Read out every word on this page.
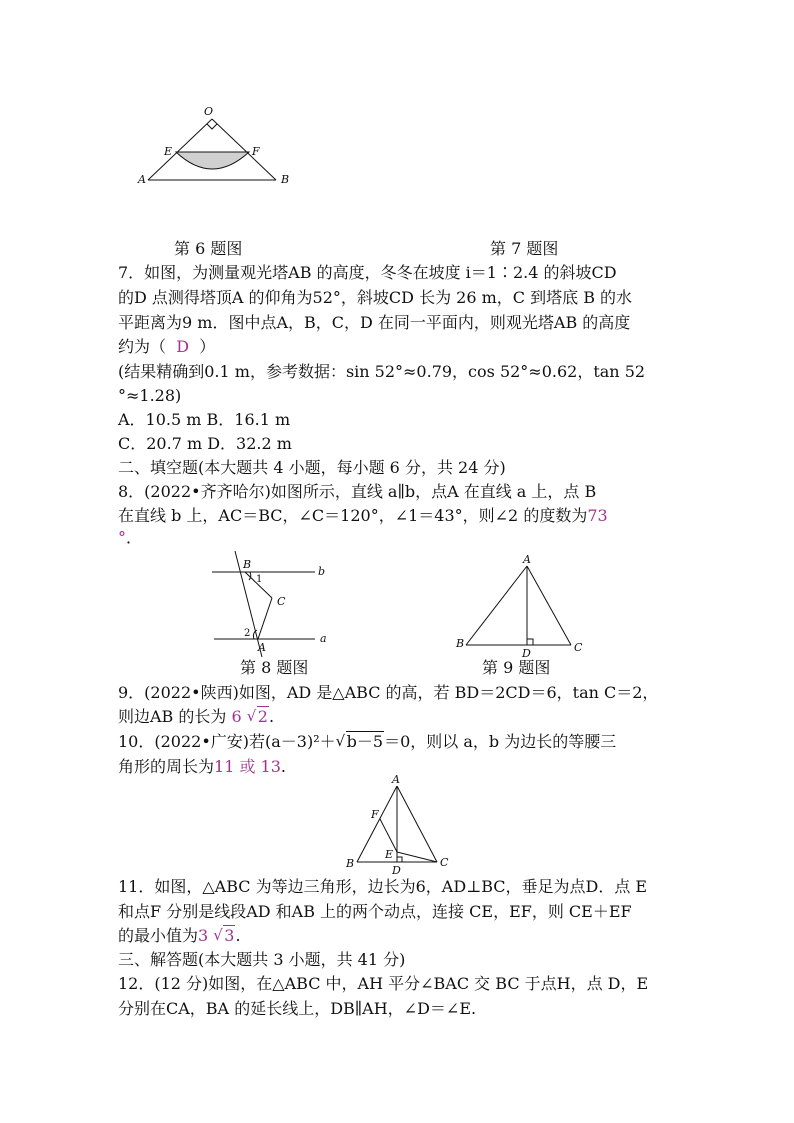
O
E	F
A	B
第 6 题图	第 7 题图
7．如图，为测量观光塔AB 的高度，冬冬在坡度 i＝1∶2.4 的斜坡CD
的D 点测得塔顶A 的仰角为52°，斜坡CD 长为 26 m，C 到塔底 B 的水
平距离为9 m．图中点A，B，C，D 在同一平面内，则观光塔AB 的高度
约为（ D ）
(结果精确到0.1 m，参考数据：sin 52°≈0.79，cos 52°≈0.62，tan 52
°≈1.28)
A．10.5 m B．16.1 m
C．20.7 m D．32.2 m
二、填空题(本大题共 4 小题，每小题 6 分，共 24 分)
8．(2022•齐齐哈尔)如图所示，直线 a∥b，点A 在直线 a 上，点 B
在直线 b 上，AC＝BC，∠C＝120°，∠1＝43°，则∠2 的度数为73
°．
B
b
1
C
2
A
a
A
B
D	C
第 8 题图	第 9 题图
9．(2022•陕西)如图，AD 是△ABC 的高，若 BD＝2CD＝6，tan C＝2，
则边AB 的长为 6 √ 2.
10．(2022•广安)若(a－3)²＋ √ b－5＝0，则以 a，b 为边长的等腰三
角形的周长为11 或 13.
A
F
E
B
D
C
11．如图，△ABC 为等边三角形，边长为6，AD⊥BC，垂足为点D．点 E
和点F 分别是线段AD 和AB 上的两个动点，连接 CE，EF，则 CE＋EF
的最小值为3 √ 3.
三、解答题(本大题共 3 小题，共 41 分)
12．(12 分)如图，在△ABC 中，AH 平分∠BAC 交 BC 于点H，点 D，E
分别在CA，BA 的延长线上，DB∥AH，∠D＝∠E.
